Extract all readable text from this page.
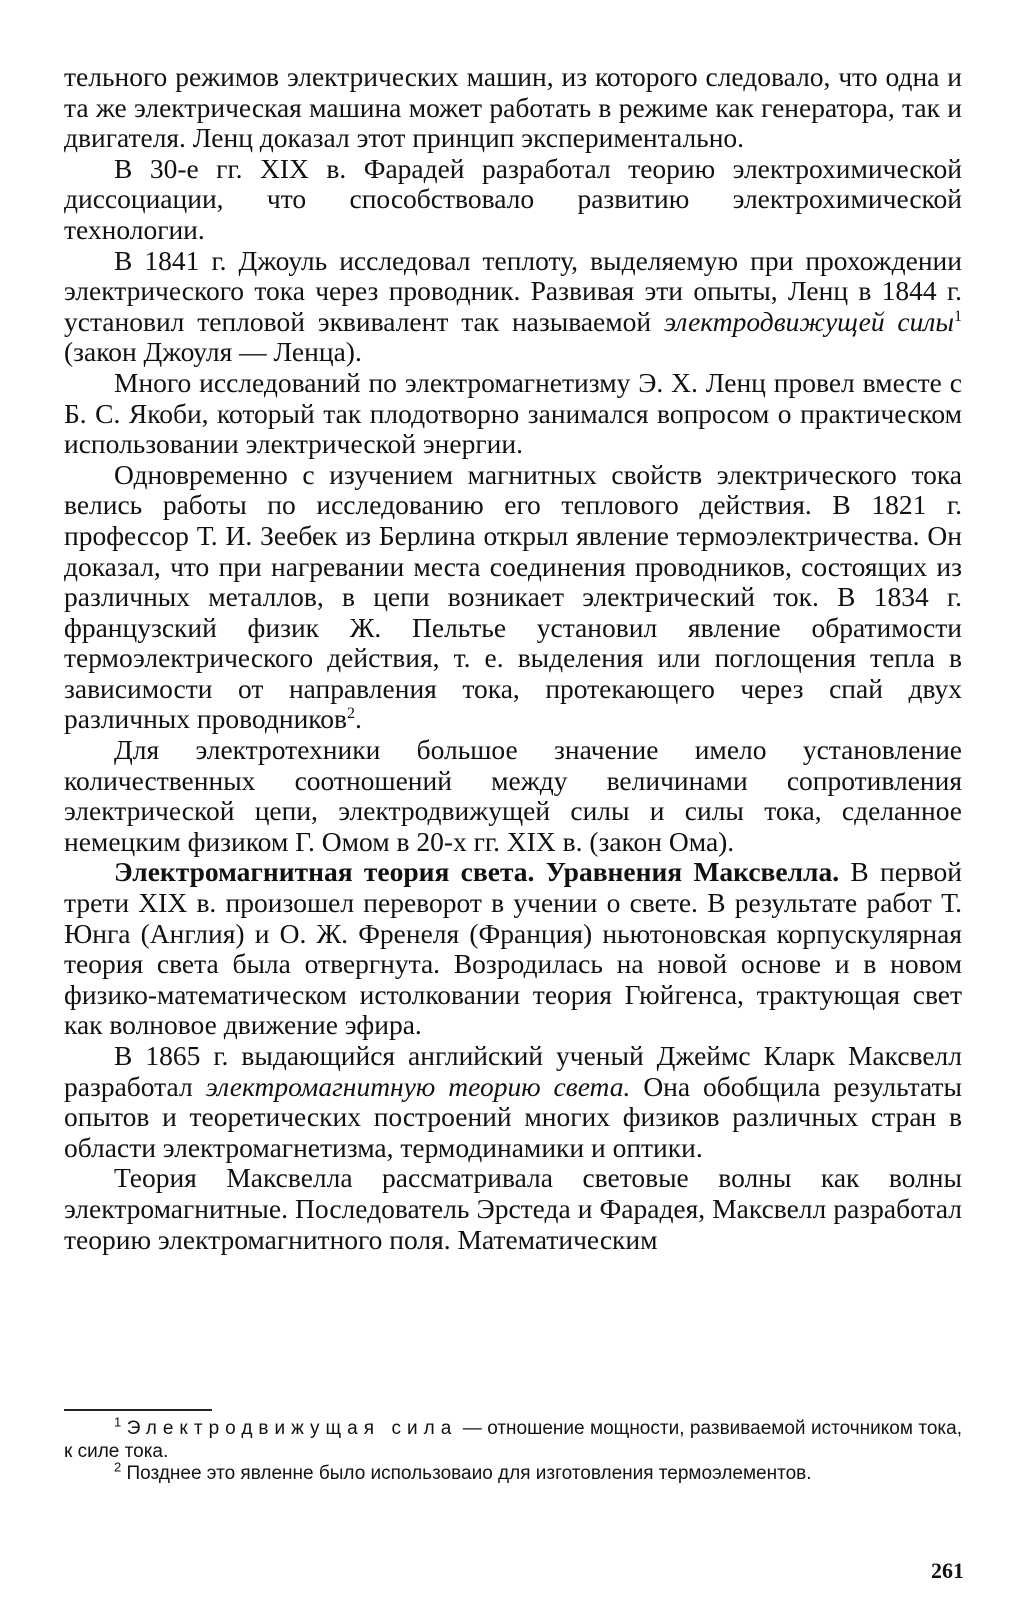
тельного режимов электрических машин, из которого следовало, что одна и та же электрическая машина может работать в режиме как генератора, так и двигателя. Ленц доказал этот принцип экспериментально.

В 30-е гг. XIX в. Фарадей разработал теорию электрохимической диссоциации, что способствовало развитию электрохимической технологии.

В 1841 г. Джоуль исследовал теплоту, выделяемую при прохождении электрического тока через проводник. Развивая эти опыты, Ленц в 1844 г. установил тепловой эквивалент так называемой электродвижущей силы$^1$ (закон Джоуля — Ленца).

Много исследований по электромагнетизму Э. Х. Ленц провел вместе с Б. С. Якоби, который так плодотворно занимался вопросом о практическом использовании электрической энергии.

Одновременно с изучением магнитных свойств электрического тока велись работы по исследованию его теплового действия. В 1821 г. профессор Т. И. Зеебек из Берлина открыл явление термоэлектричества. Он доказал, что при нагревании места соединения проводников, состоящих из различных металлов, в цепи возникает электрический ток. В 1834 г. французский физик Ж. Пельтье установил явление обратимости термоэлектрического действия, т. е. выделения или поглощения тепла в зависимости от направления тока, протекающего через спай двух различных проводников$^2$.

Для электротехники большое значение имело установление количественных соотношений между величинами сопротивления электрической цепи, электродвижущей силы и силы тока, сделанное немецким физиком Г. Омом в 20-х гг. XIX в. (закон Ома).

Электромагнитная теория света. Уравнения Максвелла. В первой трети XIX в. произошел переворот в учении о свете. В результате работ Т. Юнга (Англия) и О. Ж. Френеля (Франция) ньютоновская корпускулярная теория света была отвергнута. Возродилась на новой основе и в новом физико-математическом истолковании теория Гюйгенса, трактующая свет как волновое движение эфира.

В 1865 г. выдающийся английский ученый Джеймс Кларк Максвелл разработал электромагнитную теорию света. Она обобщила результаты опытов и теоретических построений многих физиков различных стран в области электромагнетизма, термодинамики и оптики.

Теория Максвелла рассматривала световые волны как волны электромагнитные. Последователь Эрстеда и Фарадея, Максвелл разработал теорию электромагнитного поля. Математическим

$^1$ Электродвижущая сила — отношение мощности, развиваемой источником тока, к силе тока.

$^2$ Позднее это явленне было использоваио для изготовления термоэлементов.

261
